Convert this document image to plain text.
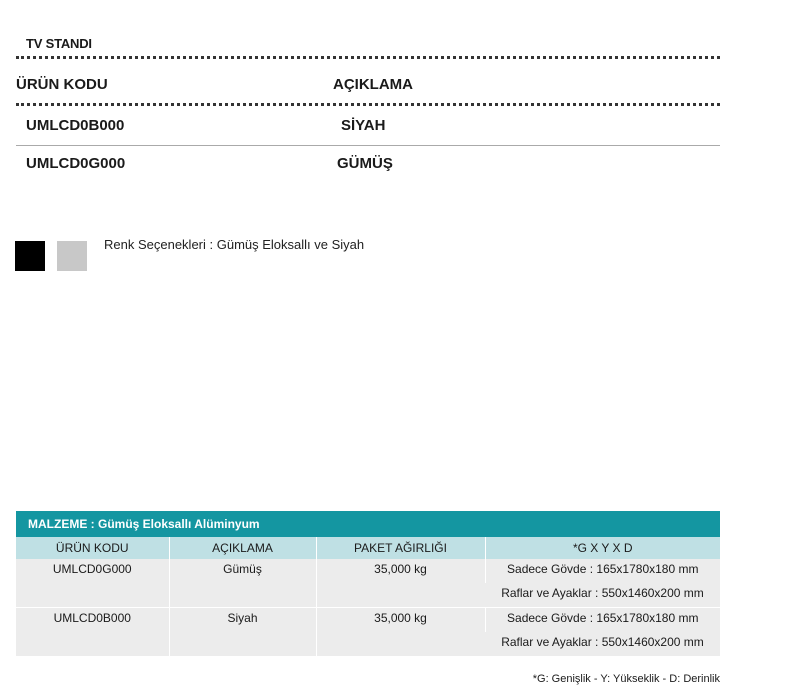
TV STANDI
ÜRÜN KODU	AÇIKLAMA
UMLCD0B000	SİYAH
UMLCD0G000	GÜMÜŞ
Renk Seçenekleri : Gümüş Eloksallı ve Siyah
MALZEME : Gümüş Eloksallı Alüminyum
ÜRÜN KODU	AÇIKLAMA	PAKET AĞIRLIĞI	*G X Y X D
UMLCD0G000	Gümüş	35,000 kg	Sadece Gövde : 165x1780x180 mm
			Raflar ve Ayaklar : 550x1460x200 mm
UMLCD0B000	Siyah	35,000 kg	Sadece Gövde : 165x1780x180 mm
			Raflar ve Ayaklar : 550x1460x200 mm
*G: Genişlik - Y: Yükseklik - D: Derinlik
